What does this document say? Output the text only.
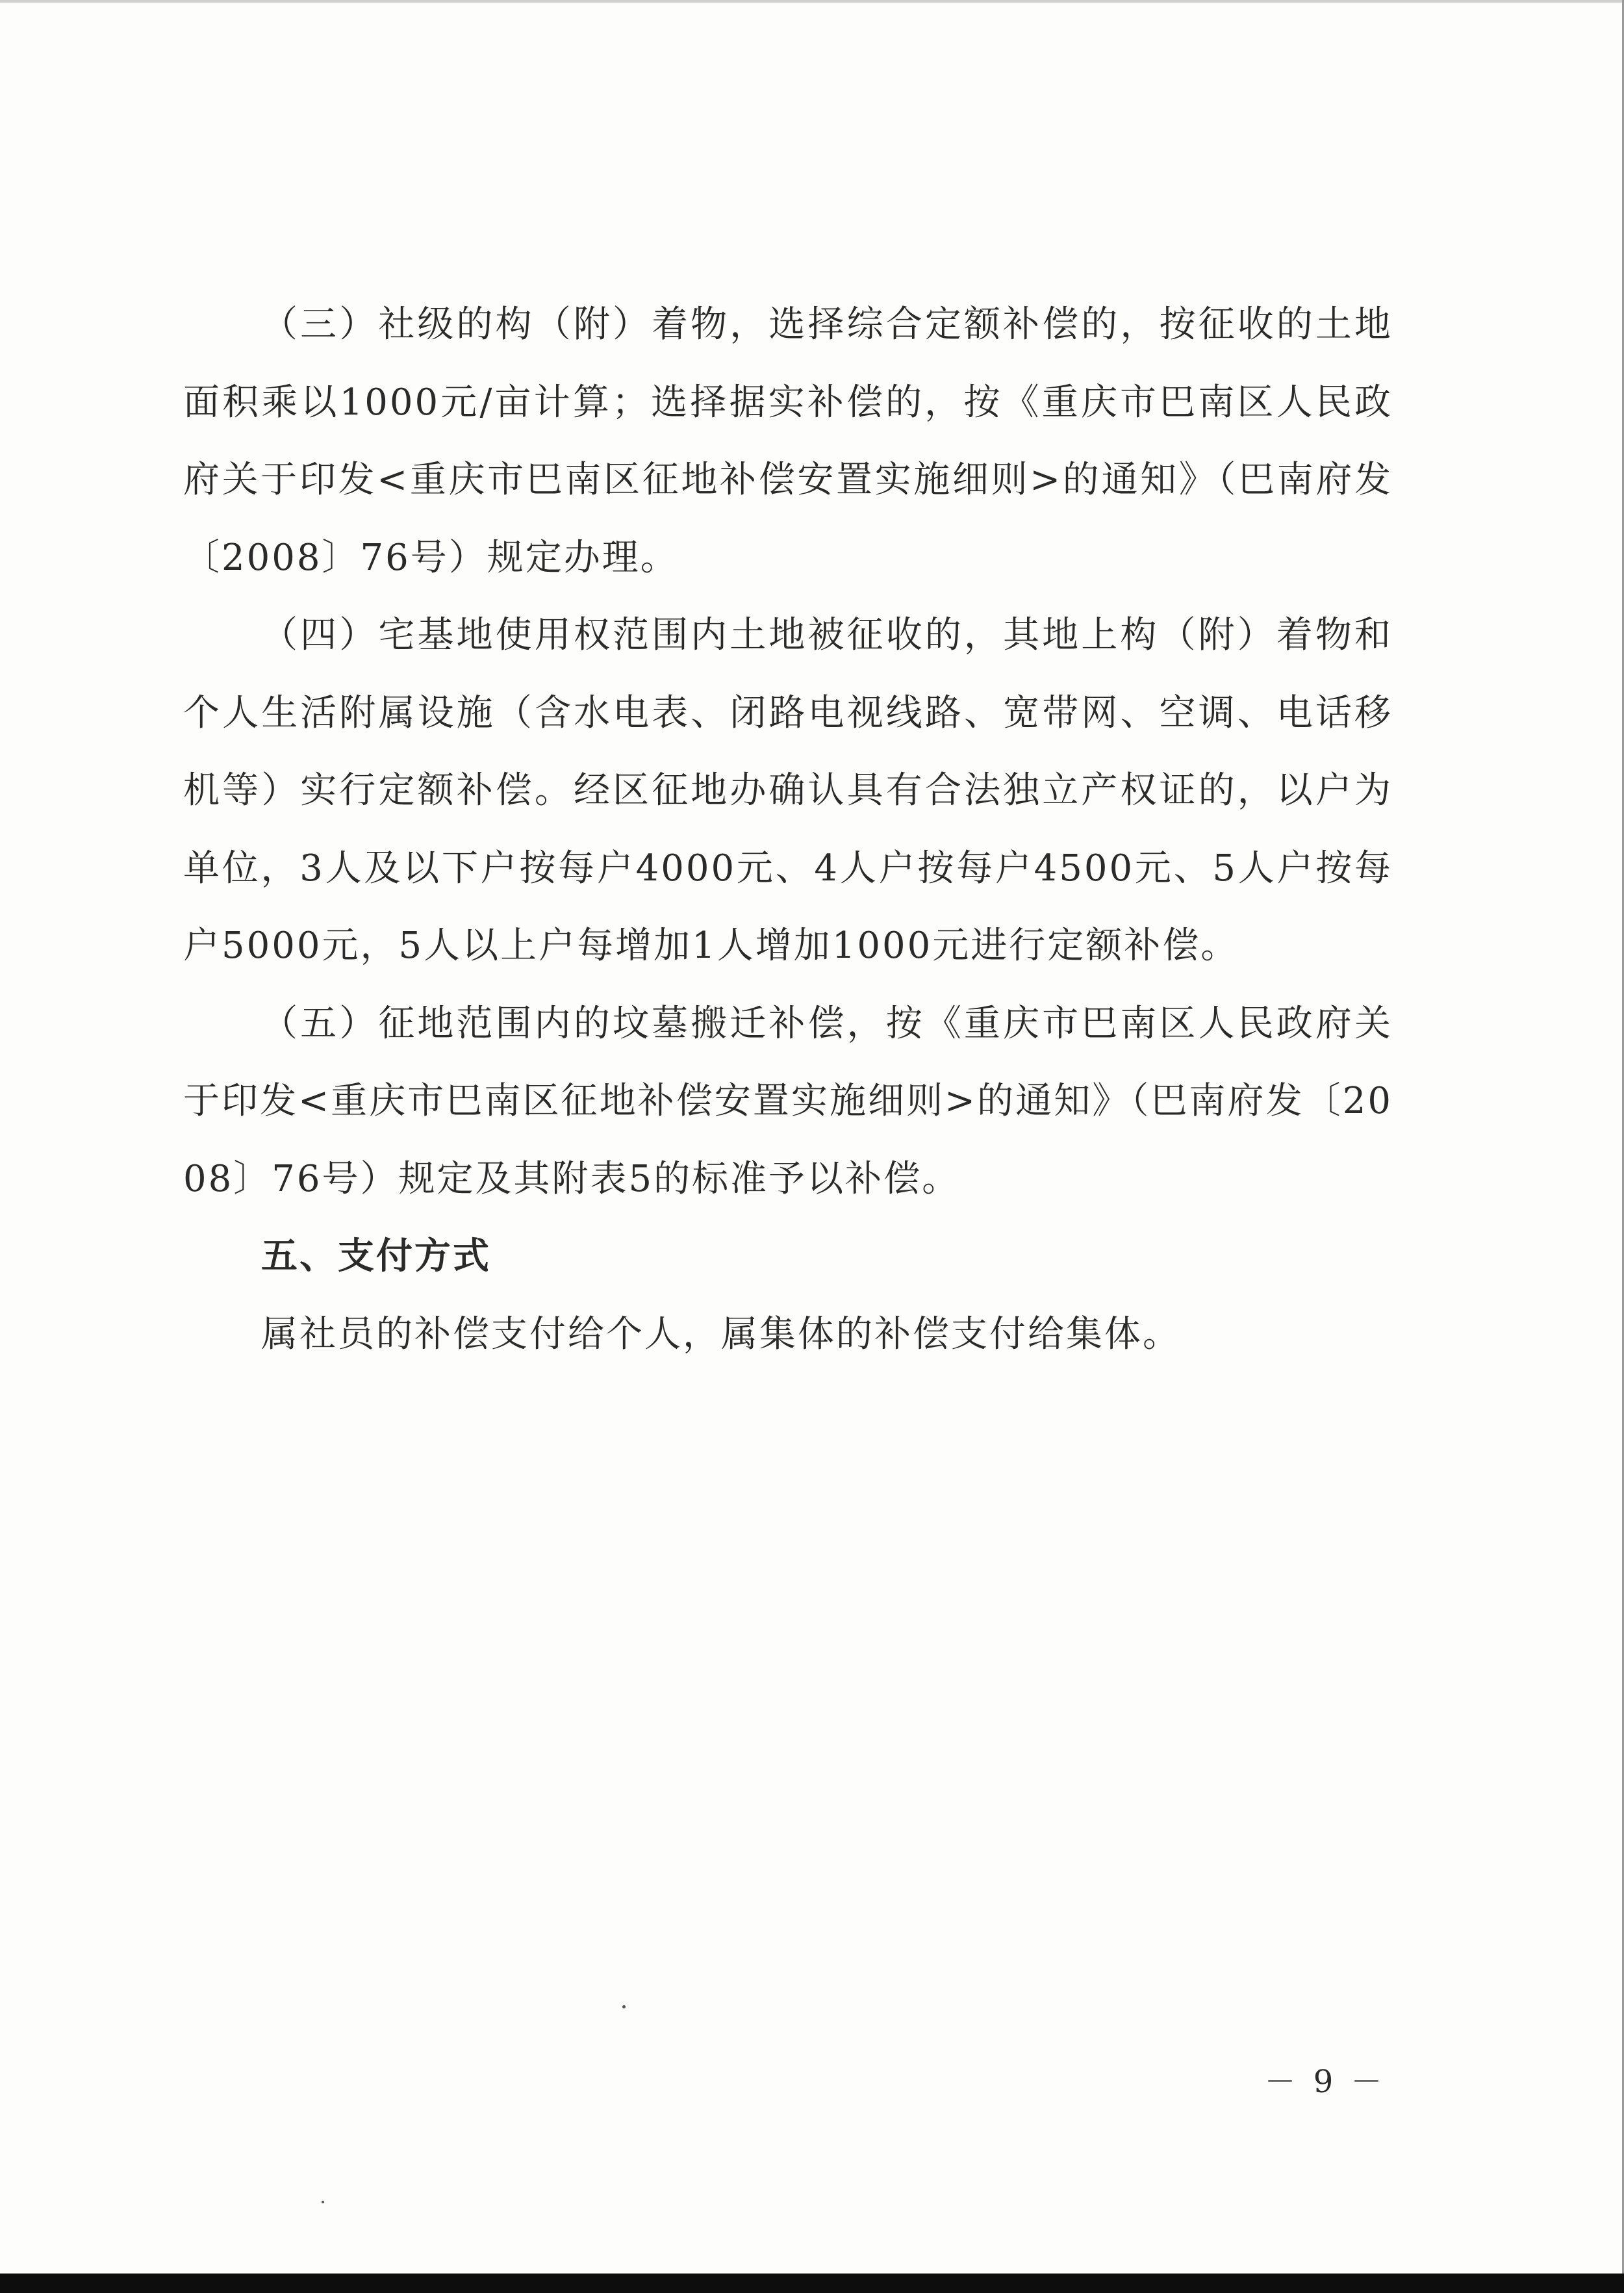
（三）社级的构（附）着物，选择综合定额补偿的，按征收的土地面积乘以1000元/亩计算；选择据实补偿的，按《重庆市巴南区人民政府关于印发<重庆市巴南区征地补偿安置实施细则>的通知》（巴南府发〔2008〕76号）规定办理。

（四）宅基地使用权范围内土地被征收的，其地上构（附）着物和个人生活附属设施（含水电表、闭路电视线路、宽带网、空调、电话移机等）实行定额补偿。经区征地办确认具有合法独立产权证的，以户为单位，3人及以下户按每户4000元、4人户按每户4500元、5人户按每户5000元，5人以上户每增加1人增加1000元进行定额补偿。

（五）征地范围内的坟墓搬迁补偿，按《重庆市巴南区人民政府关于印发<重庆市巴南区征地补偿安置实施细则>的通知》（巴南府发〔2008〕76号）规定及其附表5的标准予以补偿。

五、支付方式

属社员的补偿支付给个人，属集体的补偿支付给集体。

－ 9 －
